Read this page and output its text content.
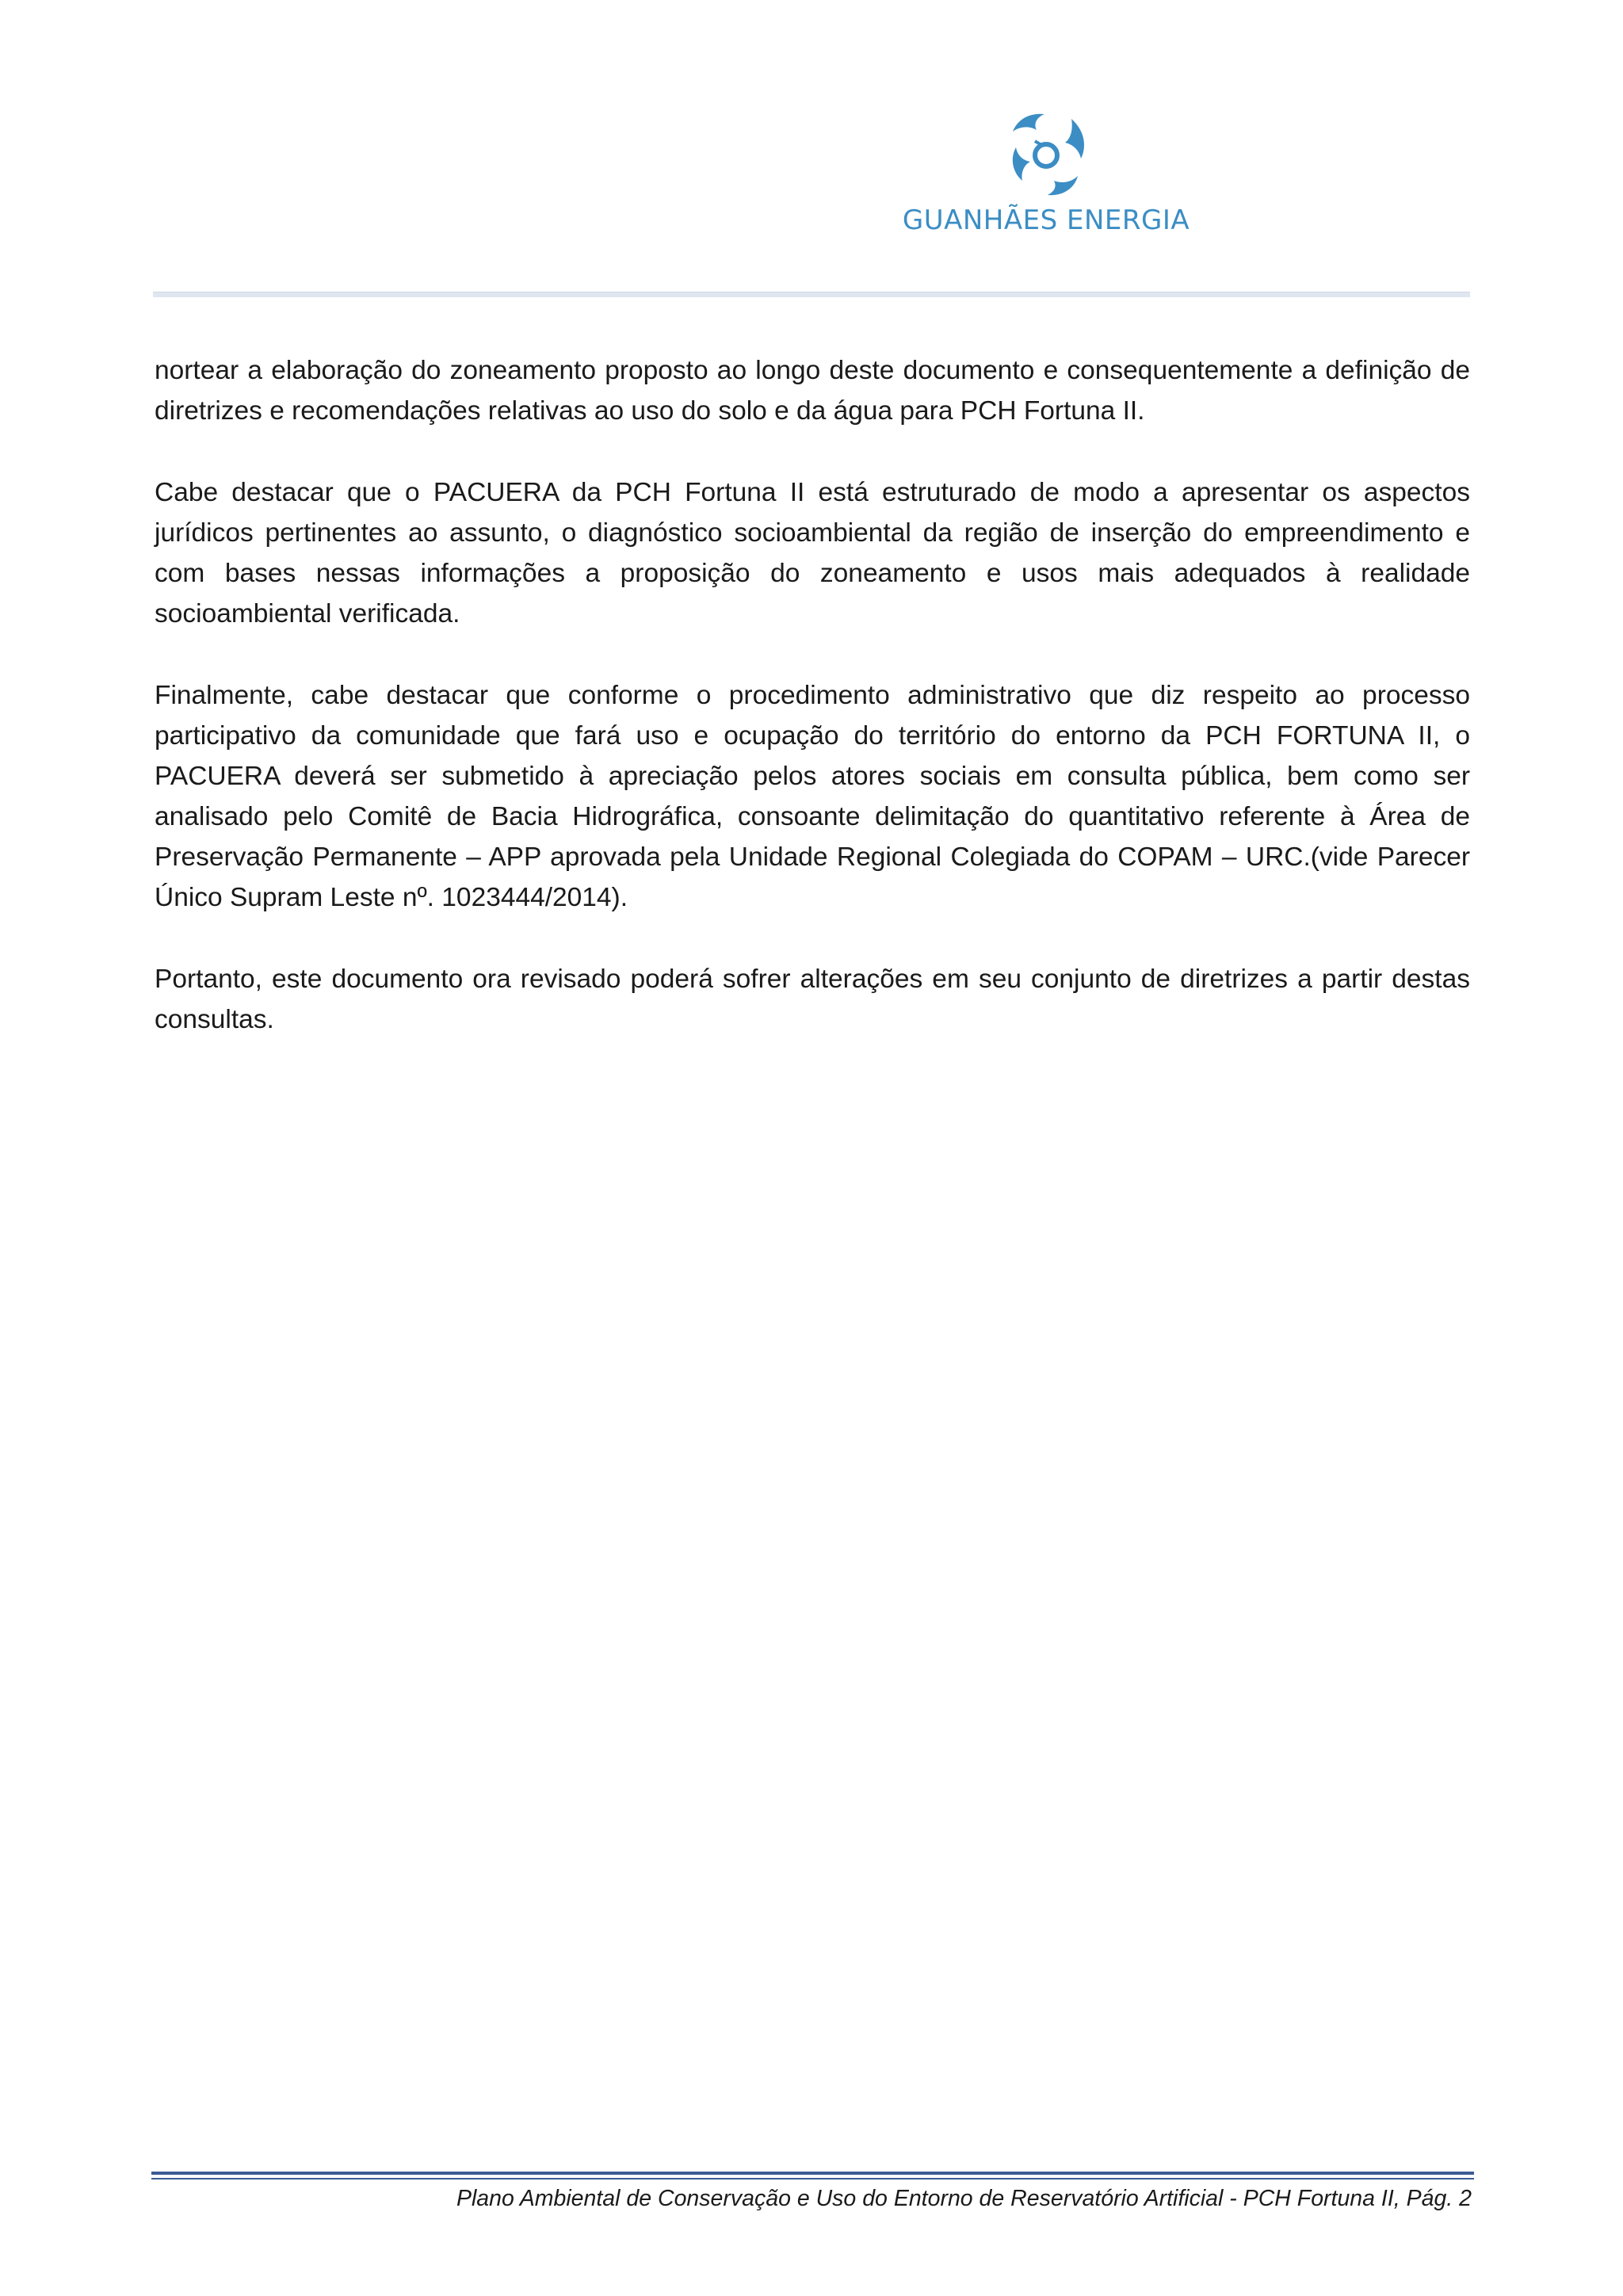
GUANHÃES ENERGIA

nortear a elaboração do zoneamento proposto ao longo deste documento e consequentemente a definição de diretrizes e recomendações relativas ao uso do solo e da água para PCH Fortuna II.

Cabe destacar que o PACUERA da PCH Fortuna II está estruturado de modo a apresentar os aspectos jurídicos pertinentes ao assunto, o diagnóstico socioambiental da região de inserção do empreendimento e com bases nessas informações a proposição do zoneamento e usos mais adequados à realidade socioambiental verificada.

Finalmente, cabe destacar que conforme o procedimento administrativo que diz respeito ao processo participativo da comunidade que fará uso e ocupação do território do entorno da PCH FORTUNA II, o PACUERA deverá ser submetido à apreciação pelos atores sociais em consulta pública, bem como ser analisado pelo Comitê de Bacia Hidrográfica, consoante delimitação do quantitativo referente à Área de Preservação Permanente – APP aprovada pela Unidade Regional Colegiada do COPAM – URC.(vide Parecer Único Supram Leste nº. 1023444/2014).

Portanto, este documento ora revisado poderá sofrer alterações em seu conjunto de diretrizes a partir destas consultas.

Plano Ambiental de Conservação e Uso do Entorno de Reservatório Artificial - PCH Fortuna II, Pág. 2
